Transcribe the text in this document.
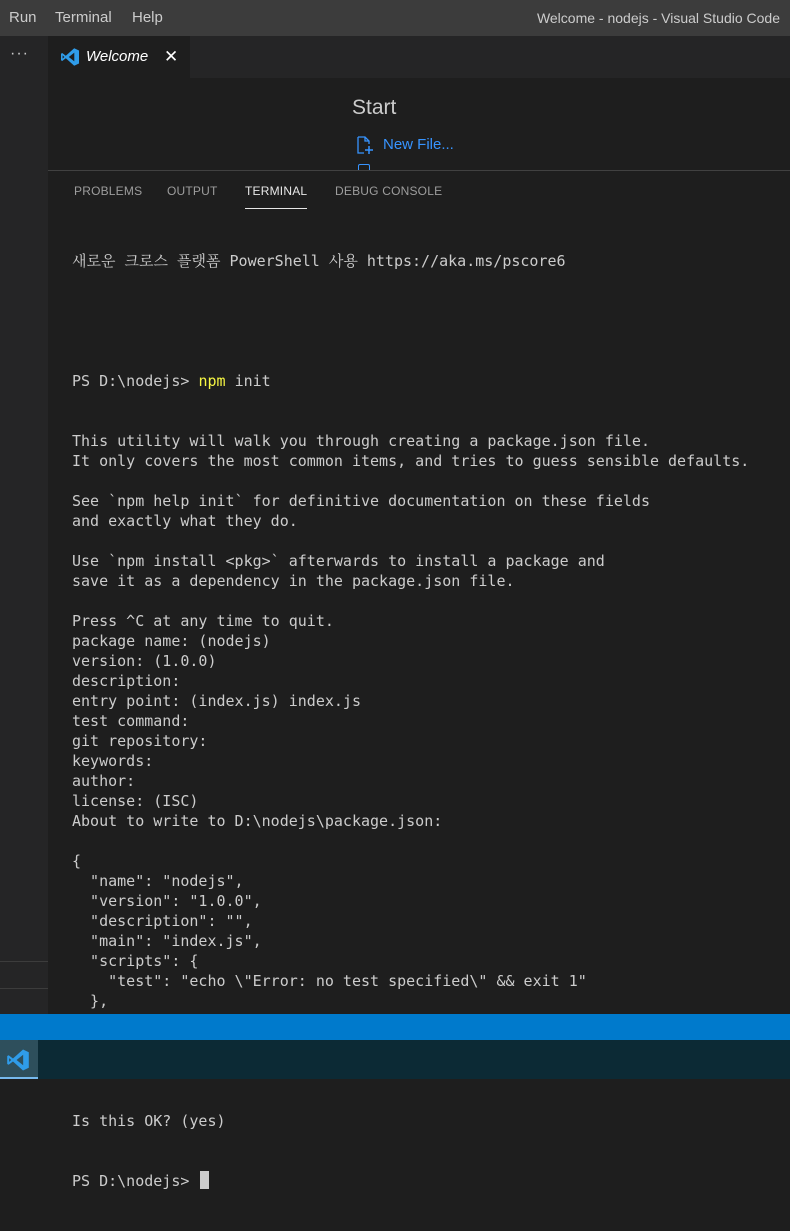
Run Terminal Help	Welcome - nodejs - Visual Studio Code
···	Welcome ✕
Start
New File...
PROBLEMS OUTPUT TERMINAL DEBUG CONSOLE

새로운 크로스 플랫폼 PowerShell 사용 https://aka.ms/pscore6

PS D:\nodejs> npm init

This utility will walk you through creating a package.json file.
It only covers the most common items, and tries to guess sensible defaults.
See `npm help init` for definitive documentation on these fields
and exactly what they do.
Use `npm install <pkg>` afterwards to install a package and
save it as a dependency in the package.json file.
Press ^C at any time to quit.
package name: (nodejs)
version: (1.0.0)
description:
entry point: (index.js) index.js
test command:
git repository:
keywords:
author:
license: (ISC)
About to write to D:\nodejs\package.json:
{
"name": "nodejs",
"version": "1.0.0",
"description": "",
"main": "index.js",
"scripts": {
"test": "echo \"Error: no test specified\" && exit 1"
},
Is this OK? (yes)

PS D:\nodejs>
